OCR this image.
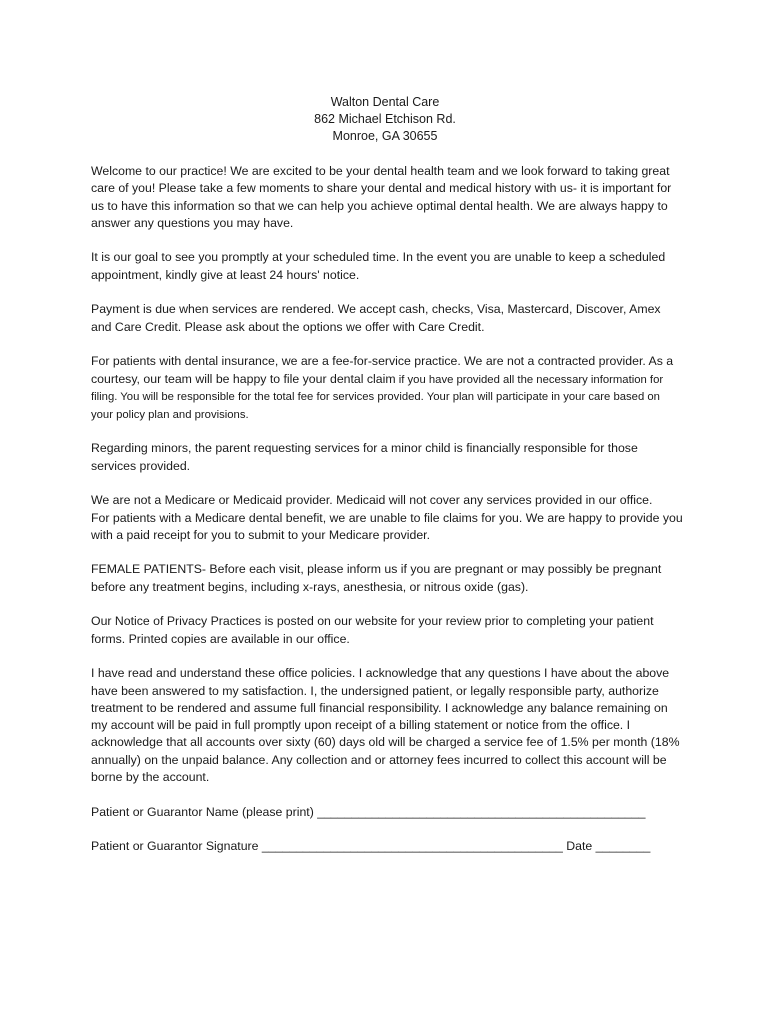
Walton Dental Care
862 Michael Etchison Rd.
Monroe, GA 30655

Welcome to our practice! We are excited to be your dental health team and we look forward to taking great care of you! Please take a few moments to share your dental and medical history with us- it is important for us to have this information so that we can help you achieve optimal dental health. We are always happy to answer any questions you may have.

It is our goal to see you promptly at your scheduled time. In the event you are unable to keep a scheduled appointment, kindly give at least 24 hours' notice.

Payment is due when services are rendered. We accept cash, checks, Visa, Mastercard, Discover, Amex and Care Credit. Please ask about the options we offer with Care Credit.

For patients with dental insurance, we are a fee-for-service practice. We are not a contracted provider. As a courtesy, our team will be happy to file your dental claim if you have provided all the necessary information for filing. You will be responsible for the total fee for services provided. Your plan will participate in your care based on your policy plan and provisions.

Regarding minors, the parent requesting services for a minor child is financially responsible for those services provided.

We are not a Medicare or Medicaid provider. Medicaid will not cover any services provided in our office.

For patients with a Medicare dental benefit, we are unable to file claims for you. We are happy to provide you with a paid receipt for you to submit to your Medicare provider.

FEMALE PATIENTS- Before each visit, please inform us if you are pregnant or may possibly be pregnant before any treatment begins, including x-rays, anesthesia, or nitrous oxide (gas).

Our Notice of Privacy Practices is posted on our website for your review prior to completing your patient forms. Printed copies are available in our office.

I have read and understand these office policies. I acknowledge that any questions I have about the above have been answered to my satisfaction. I, the undersigned patient, or legally responsible party, authorize treatment to be rendered and assume full financial responsibility. I acknowledge any balance remaining on my account will be paid in full promptly upon receipt of a billing statement or notice from the office. I acknowledge that all accounts over sixty (60) days old will be charged a service fee of 1.5% per month (18% annually) on the unpaid balance. Any collection and or attorney fees incurred to collect this account will be borne by the account.

Patient or Guarantor Name (please print) ________________________________________________

Patient or Guarantor Signature ____________________________________________ Date ________
